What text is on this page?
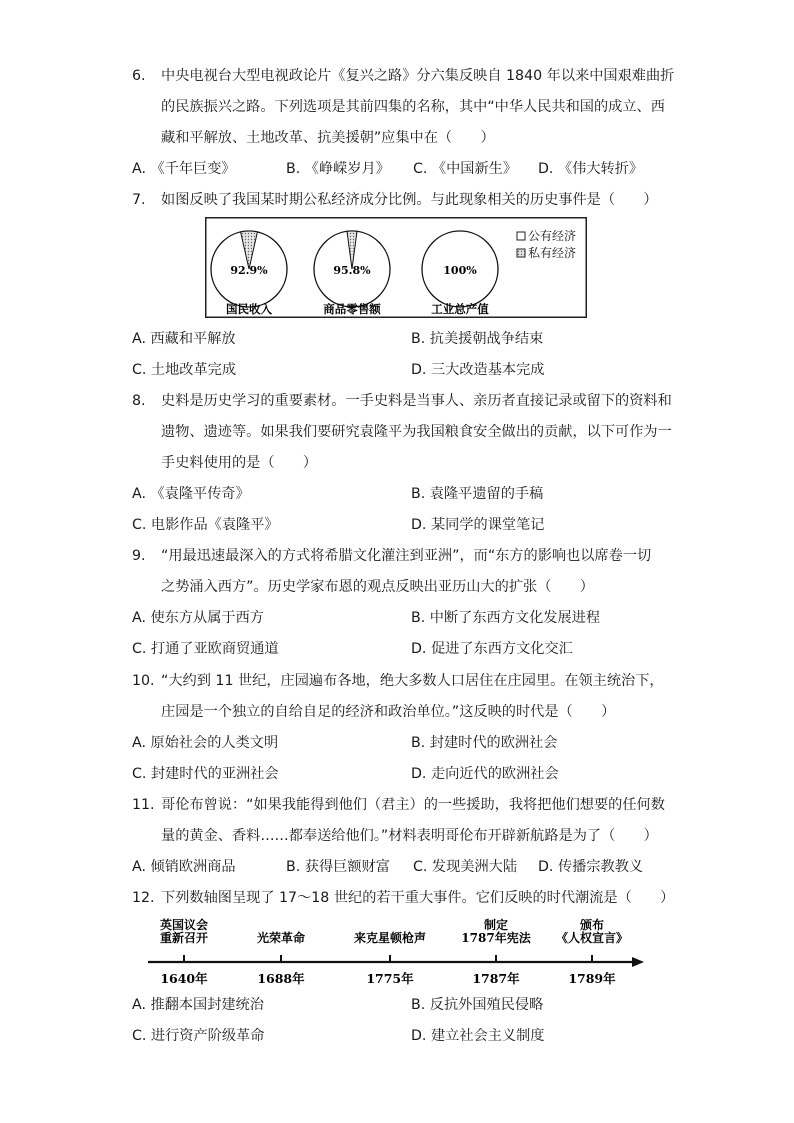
6. 中央电视台大型电视政论片《复兴之路》分六集反映自 1840 年以来中国艰难曲折
的民族振兴之路。下列选项是其前四集的名称，其中“中华人民共和国的成立、西
藏和平解放、土地改革、抗美援朝”应集中在（　　）
A. 《千年巨变》	B. 《峥嵘岁月》 C. 《中国新生》 D. 《伟大转折》
7. 如图反映了我国某时期公私经济成分比例。与此现象相关的历史事件是（　　）
92.9%
国民收入
95.8%
商品零售额
100%
工业总产值
公有经济
私有经济
A. 西藏和平解放	B. 抗美援朝战争结束
C. 土地改革完成	D. 三大改造基本完成
8. 史料是历史学习的重要素材。一手史料是当事人、亲历者直接记录或留下的资料和
遗物、遗迹等。如果我们要研究袁隆平为我国粮食安全做出的贡献，以下可作为一
手史料使用的是（　　）
A. 《袁隆平传奇》	B. 袁隆平遗留的手稿
C. 电影作品《袁隆平》	D. 某同学的课堂笔记
9. “用最迅速最深入的方式将希腊文化灌注到亚洲”，而“东方的影响也以席卷一切
之势涌入西方”。历史学家布恩的观点反映出亚历山大的扩张（　　）
A. 使东方从属于西方	B. 中断了东西方文化发展进程
C. 打通了亚欧商贸通道	D. 促进了东西方文化交汇
10. “大约到 11 世纪，庄园遍布各地，绝大多数人口居住在庄园里。在领主统治下，
庄园是一个独立的自给自足的经济和政治单位。”这反映的时代是（　　）
A. 原始社会的人类文明	B. 封建时代的欧洲社会
C. 封建时代的亚洲社会	D. 走向近代的欧洲社会
11. 哥伦布曾说：“如果我能得到他们（君主）的一些援助，我将把他们想要的任何数
量的黄金、香料……都奉送给他们。”材料表明哥伦布开辟新航路是为了（　　）
A. 倾销欧洲商品	B. 获得巨额财富 C. 发现美洲大陆 D. 传播宗教教义
12. 下列数轴图呈现了 17～18 世纪的若干重大事件。它们反映的时代潮流是（　　）
1640年
英国议会
重新召开
1688年
光荣革命
1775年
来克星顿枪声
1787年
制定
1787年宪法
1789年
颁布
《人权宣言》
A. 推翻本国封建统治	B. 反抗外国殖民侵略
C. 进行资产阶级革命	D. 建立社会主义制度
